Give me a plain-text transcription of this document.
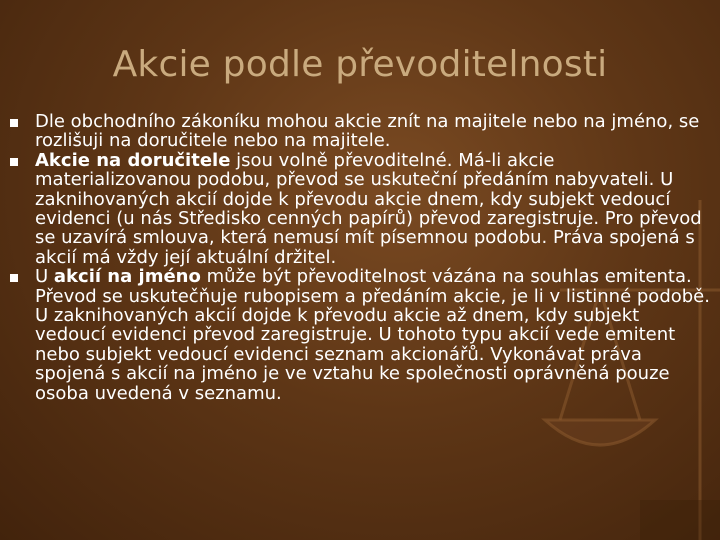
Akcie podle převoditelnosti
Dle obchodního zákoníku mohou akcie znít na majitele nebo na jméno, se rozlišuji na doručitele nebo na majitele.
Akcie na doručitele jsou volně převoditelné. Má-li akcie materializovanou podobu, převod se uskuteční předáním nabyvateli. U zaknihovaných akcií dojde k převodu akcie dnem, kdy subjekt vedoucí evidenci (u nás Středisko cenných papírů) převod zaregistruje. Pro převod se uzavírá smlouva, která nemusí mít písemnou podobu. Práva spojená s akcií má vždy její aktuální držitel.
U akcií na jméno může být převoditelnost vázána na souhlas emitenta. Převod se uskutečňuje rubopisem a předáním akcie, je li v listinné podobě. U zaknihovaných akcií dojde k převodu akcie až dnem, kdy subjekt vedoucí evidenci převod zaregistruje. U tohoto typu akcií vede emitent nebo subjekt vedoucí evidenci seznam akcionářů. Vykonávat práva spojená s akcií na jméno je ve vztahu ke společnosti oprávněná pouze osoba uvedená v seznamu.
